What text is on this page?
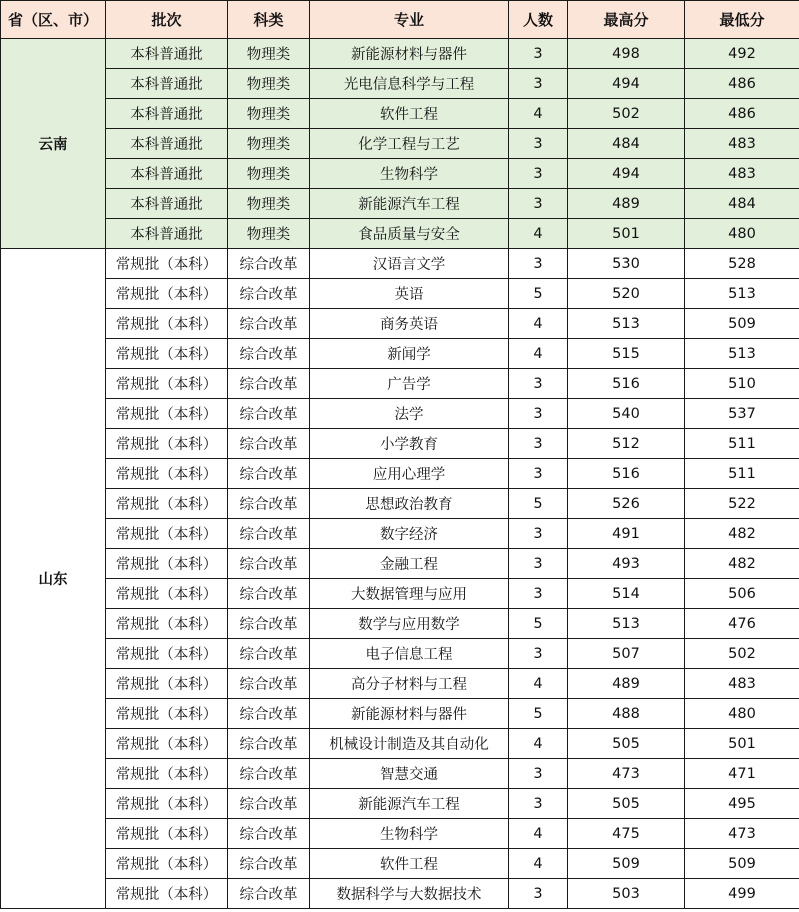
省（区、市）	批次	科类	专业	人数	最高分	最低分
云南	本科普通批	物理类	新能源材料与器件	3	498	492
	本科普通批	物理类	光电信息科学与工程	3	494	486
	本科普通批	物理类	软件工程	4	502	486
	本科普通批	物理类	化学工程与工艺	3	484	483
	本科普通批	物理类	生物科学	3	494	483
	本科普通批	物理类	新能源汽车工程	3	489	484
	本科普通批	物理类	食品质量与安全	4	501	480
山东	常规批（本科）	综合改革	汉语言文学	3	530	528
	常规批（本科）	综合改革	英语	5	520	513
	常规批（本科）	综合改革	商务英语	4	513	509
	常规批（本科）	综合改革	新闻学	4	515	513
	常规批（本科）	综合改革	广告学	3	516	510
	常规批（本科）	综合改革	法学	3	540	537
	常规批（本科）	综合改革	小学教育	3	512	511
	常规批（本科）	综合改革	应用心理学	3	516	511
	常规批（本科）	综合改革	思想政治教育	5	526	522
	常规批（本科）	综合改革	数字经济	3	491	482
	常规批（本科）	综合改革	金融工程	3	493	482
	常规批（本科）	综合改革	大数据管理与应用	3	514	506
	常规批（本科）	综合改革	数学与应用数学	5	513	476
	常规批（本科）	综合改革	电子信息工程	3	507	502
	常规批（本科）	综合改革	高分子材料与工程	4	489	483
	常规批（本科）	综合改革	新能源材料与器件	5	488	480
	常规批（本科）	综合改革	机械设计制造及其自动化	4	505	501
	常规批（本科）	综合改革	智慧交通	3	473	471
	常规批（本科）	综合改革	新能源汽车工程	3	505	495
	常规批（本科）	综合改革	生物科学	4	475	473
	常规批（本科）	综合改革	软件工程	4	509	509
	常规批（本科）	综合改革	数据科学与大数据技术	3	503	499
